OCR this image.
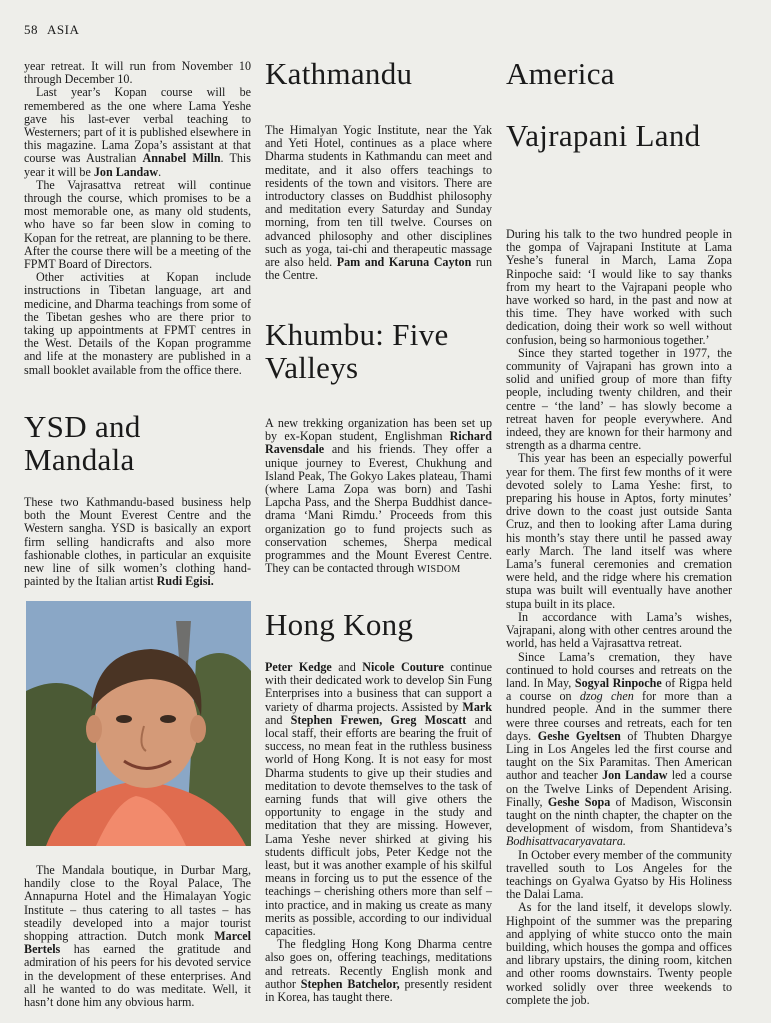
58 ASIA

year retreat. It will run from November 10 through December 10.

Last year’s Kopan course will be remembered as the one where Lama Yeshe gave his last-ever verbal teaching to Westerners; part of it is published elsewhere in this magazine. Lama Zopa’s assistant at that course was Australian Annabel Milln. This year it will be Jon Landaw.

The Vajrasattva retreat will continue through the course, which promises to be a most memorable one, as many old students, who have so far been slow in coming to Kopan for the retreat, are planning to be there. After the course there will be a meeting of the FPMT Board of Directors.

Other activities at Kopan include instructions in Tibetan language, art and medicine, and Dharma teachings from some of the Tibetan geshes who are there prior to taking up appointments at FPMT centres in the West. Details of the Kopan programme and life at the monastery are published in a small booklet available from the office there.

YSD and
Mandala

These two Kathmandu-based business help both the Mount Everest Centre and the Western sangha. YSD is basically an export firm selling handicrafts and also more fashionable clothes, in particular an exquisite new line of silk women’s clothing hand-painted by the Italian artist Rudi Egisi.

The Mandala boutique, in Durbar Marg, handily close to the Royal Palace, The Annapurna Hotel and the Himalayan Yogic Institute – thus catering to all tastes – has steadily developed into a major tourist shopping attraction. Dutch monk Marcel Bertels has earned the gratitude and admiration of his peers for his devoted service in the development of these enterprises. And all he wanted to do was meditate. Well, it hasn’t done him any obvious harm.

Kathmandu

The Himalyan Yogic Institute, near the Yak and Yeti Hotel, continues as a place where Dharma students in Kathmandu can meet and meditate, and it also offers teachings to residents of the town and visitors. There are introductory classes on Buddhist philosophy and meditation every Saturday and Sunday morning, from ten till twelve. Courses on advanced philosophy and other disciplines such as yoga, tai-chi and therapeutic massage are also held. Pam and Karuna Cayton run the Centre.

Khumbu: Five
Valleys

A new trekking organization has been set up by ex-Kopan student, Englishman Richard Ravensdale and his friends. They offer a unique journey to Everest, Chukhung and Island Peak, The Gokyo Lakes plateau, Thami (where Lama Zopa was born) and Tashi Lapcha Pass, and the Sherpa Buddhist dance-drama ‘Mani Rimdu.’ Proceeds from this organization go to fund projects such as conservation schemes, Sherpa medical programmes and the Mount Everest Centre. They can be contacted through WISDOM

Hong Kong

Peter Kedge and Nicole Couture continue with their dedicated work to develop Sin Fung Enterprises into a business that can support a variety of dharma projects. Assisted by Mark and Stephen Frewen, Greg Moscatt and local staff, their efforts are bearing the fruit of success, no mean feat in the ruthless business world of Hong Kong. It is not easy for most Dharma students to give up their studies and meditation to devote themselves to the task of earning funds that will give others the opportunity to engage in the study and meditation that they are missing. However, Lama Yeshe never shirked at giving his students difficult jobs, Peter Kedge not the least, but it was another example of his skilful means in forcing us to put the essence of the teachings – cherishing others more than self – into practice, and in making us create as many merits as possible, according to our individual capacities.

The fledgling Hong Kong Dharma centre also goes on, offering teachings, meditations and retreats. Recently English monk and author Stephen Batchelor, presently resident in Korea, has taught there.

America
Vajrapani Land

During his talk to the two hundred people in the gompa of Vajrapani Institute at Lama Yeshe’s funeral in March, Lama Zopa Rinpoche said: ‘I would like to say thanks from my heart to the Vajrapani people who have worked so hard, in the past and now at this time. They have worked with such dedication, doing their work so well without confusion, being so harmonious together.’

Since they started together in 1977, the community of Vajrapani has grown into a solid and unified group of more than fifty people, including twenty children, and their centre – ‘the land’ – has slowly become a retreat haven for people everywhere. And indeed, they are known for their harmony and strength as a dharma centre.

This year has been an especially powerful year for them. The first few months of it were devoted solely to Lama Yeshe: first, to preparing his house in Aptos, forty minutes’ drive down to the coast just outside Santa Cruz, and then to looking after Lama during his month’s stay there until he passed away early March. The land itself was where Lama’s funeral ceremonies and cremation were held, and the ridge where his cremation stupa was built will eventually have another stupa built in its place.

In accordance with Lama’s wishes, Vajrapani, along with other centres around the world, has held a Vajrasattva retreat.

Since Lama’s cremation, they have continued to hold courses and retreats on the land. In May, Sogyal Rinpoche of Rigpa held a course on dzog chen for more than a hundred people. And in the summer there were three courses and retreats, each for ten days. Geshe Gyeltsen of Thubten Dhargye Ling in Los Angeles led the first course and taught on the Six Paramitas. Then American author and teacher Jon Landaw led a course on the Twelve Links of Dependent Arising. Finally, Geshe Sopa of Madison, Wisconsin taught on the ninth chapter, the chapter on the development of wisdom, from Shantideva’s Bodhisattvacaryavatara.

In October every member of the community travelled south to Los Angeles for the teachings on Gyalwa Gyatso by His Holiness the Dalai Lama.

As for the land itself, it develops slowly. Highpoint of the summer was the preparing and applying of white stucco onto the main building, which houses the gompa and offices and library upstairs, the dining room, kitchen and other rooms downstairs. Twenty people worked solidly over three weekends to complete the job.
